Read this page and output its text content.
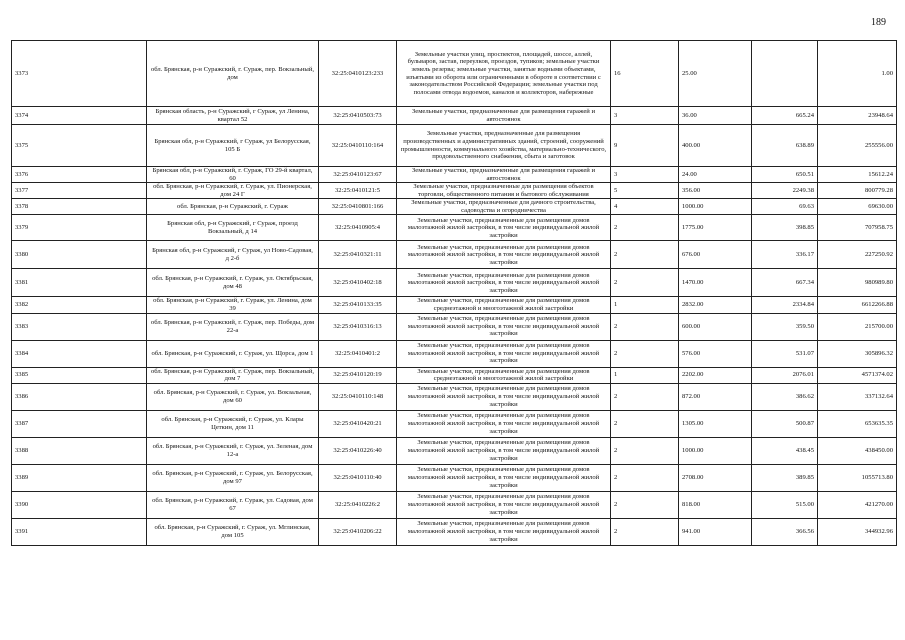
189
3373	обл. Брянская, р-н Суражский, г. Сураж, пер. Вокзальный, дом	32:25:0410123:233	Земельные участки улиц, проспектов, площадей, шоссе, аллей, бульваров, застав, переулков, проездов, тупиков; земельные участки земель резерва; земельные участки, занятые водными объектами, изъятыми из оборота или ограниченными в обороте в соответствии с законодательством Российской Федерации; земельные участки под полосами отвода водоемов, каналов и коллекторов, набережные	16	25.00		1.00
3374	Брянская область, р-н Суражский, г Сураж, ул Ленина, квартал 52	32:25:0410503:73	Земельные участки, предназначенные для размещения гаражей и автостоянок	3	36.00	665.24	23948.64
3375	Брянская обл, р-н Суражский, г Сураж, ул Белорусская, 105 Б	32:25:0410110:164	Земельные участки, предназначенные для размещения производственных и административных зданий, строений, сооружений промышленности, коммунального хозяйства, материально-технического, продовольственного снабжения, сбыта и заготовок	9	400.00	638.89	255556.00
3376	Брянская обл, р-н Суражский, г. Сураж, ГО 29-й квартал, 60	32:25:0410123:67	Земельные участки, предназначенные для размещения гаражей и автостоянок	3	24.00	650.51	15612.24
3377	обл. Брянская, р-н Суражский, г. Сураж, ул. Пионерская, дом 24 Г	32:25:0410121:5	Земельные участки, предназначенные для размещения объектов торговли, общественного питания и бытового обслуживания	5	356.00	2249.38	800779.28
3378	обл. Брянская, р-н Суражский, г. Сураж	32:25:0410801:166	Земельные участки, предназначенные для дачного строительства, садоводства и огородничества	4	1000.00	69.63	69630.00
3379	Брянская обл, р-н Суражский, г Сураж, проезд Вокзальный, д 14	32:25:0410905:4	Земельные участки, предназначенные для размещения домов малоэтажной жилой застройки, в том числе индивидуальной жилой застройки	2	1775.00	398.85	707958.75
3380	Брянская обл, р-н Суражский, г Сураж, ул Ново-Садовая, д 2-б	32:25:0410321:11	Земельные участки, предназначенные для размещения домов малоэтажной жилой застройки, в том числе индивидуальной жилой застройки	2	676.00	336.17	227250.92
3381	обл. Брянская, р-н Суражский, г. Сураж, ул. Октябрьская, дом 48	32:25:0410402:18	Земельные участки, предназначенные для размещения домов малоэтажной жилой застройки, в том числе индивидуальной жилой застройки	2	1470.00	667.34	980989.80
3382	обл. Брянская, р-н Суражский, г. Сураж, ул. Ленина, дом 39	32:25:0410133:35	Земельные участки, предназначенные для размещения домов среднеэтажной и многоэтажной жилой застройки	1	2832.00	2334.84	6612266.88
3383	обл. Брянская, р-н Суражский, г. Сураж, пер. Победы, дом 22-а	32:25:0410316:13	Земельные участки, предназначенные для размещения домов малоэтажной жилой застройки, в том числе индивидуальной жилой застройки	2	600.00	359.50	215700.00
3384	обл. Брянская, р-н Суражский, г. Сураж, ул. Щорса, дом 1	32:25:0410401:2	Земельные участки, предназначенные для размещения домов малоэтажной жилой застройки, в том числе индивидуальной жилой застройки	2	576.00	531.07	305896.32
3385	обл. Брянская, р-н Суражский, г. Сураж, пер. Вокзальный, дом 7	32:25:0410120:19	Земельные участки, предназначенные для размещения домов среднеэтажной и многоэтажной жилой застройки	1	2202.00	2076.01	4571374.02
3386	обл. Брянская, р-н Суражский, г. Сураж, ул. Вокзальная, дом 60	32:25:0410110:148	Земельные участки, предназначенные для размещения домов малоэтажной жилой застройки, в том числе индивидуальной жилой застройки	2	872.00	386.62	337132.64
3387	обл. Брянская, р-н Суражский, г. Сураж, ул. Клары Цеткин, дом 11	32:25:0410420:21	Земельные участки, предназначенные для размещения домов малоэтажной жилой застройки, в том числе индивидуальной жилой застройки	2	1305.00	500.87	653635.35
3388	обл. Брянская, р-н Суражский, г. Сураж, ул. Зеленая, дом 12-а	32:25:0410226:40	Земельные участки, предназначенные для размещения домов малоэтажной жилой застройки, в том числе индивидуальной жилой застройки	2	1000.00	438.45	438450.00
3389	обл. Брянская, р-н Суражский, г. Сураж, ул. Белорусская, дом 97	32:25:0410110:40	Земельные участки, предназначенные для размещения домов малоэтажной жилой застройки, в том числе индивидуальной жилой застройки	2	2708.00	389.85	1055713.80
3390	обл. Брянская, р-н Суражский, г. Сураж, ул. Садовая, дом 67	32:25:0410226:2	Земельные участки, предназначенные для размещения домов малоэтажной жилой застройки, в том числе индивидуальной жилой застройки	2	818.00	515.00	421270.00
3391	обл. Брянская, р-н Суражский, г. Сураж, ул. Мглинская, дом 105	32:25:0410206:22	Земельные участки, предназначенные для размещения домов малоэтажной жилой застройки, в том числе индивидуальной жилой застройки	2	941.00	366.56	344932.96
